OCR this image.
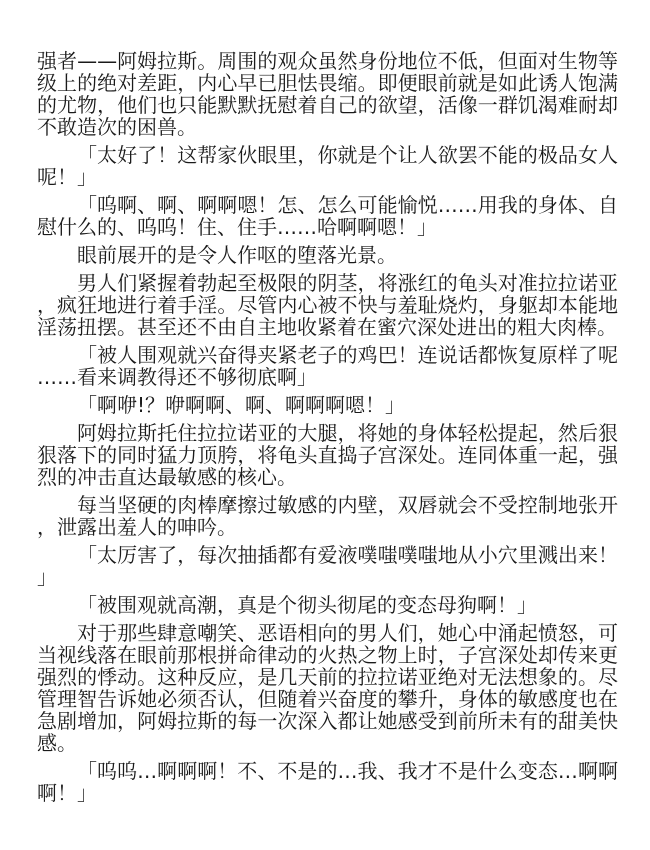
强者——阿姆拉斯。周围的观众虽然身份地位不低，但面对生物等级上的绝对差距，内心早已胆怯畏缩。即便眼前就是如此诱人饱满的尤物，他们也只能默默抚慰着自己的欲望，活像一群饥渴难耐却不敢造次的困兽。

「太好了！这帮家伙眼里，你就是个让人欲罢不能的极品女人呢！」

「呜啊、啊、啊啊嗯！怎、怎么可能愉悦……用我的身体、自慰什么的、呜呜！住、住手……哈啊啊嗯！」

眼前展开的是令人作呕的堕落光景。

男人们紧握着勃起至极限的阴茎，将涨红的龟头对准拉拉诺亚，疯狂地进行着手淫。尽管内心被不快与羞耻烧灼，身躯却本能地淫荡扭摆。甚至还不由自主地收紧着在蜜穴深处进出的粗大肉棒。

「被人围观就兴奋得夹紧老子的鸡巴！连说话都恢复原样了呢……看来调教得还不够彻底啊」

「啊咿!？咿啊啊、啊、啊啊啊嗯！」

阿姆拉斯托住拉拉诺亚的大腿，将她的身体轻松提起，然后狠狠落下的同时猛力顶胯，将龟头直捣子宫深处。连同体重一起，强烈的冲击直达最敏感的核心。

每当坚硬的肉棒摩擦过敏感的内壁，双唇就会不受控制地张开，泄露出羞人的呻吟。

「太厉害了，每次抽插都有爱液噗嗤噗嗤地从小穴里溅出来！」

「被围观就高潮，真是个彻头彻尾的变态母狗啊！」

对于那些肆意嘲笑、恶语相向的男人们，她心中涌起愤怒，可当视线落在眼前那根拼命律动的火热之物上时，子宫深处却传来更强烈的悸动。这种反应，是几天前的拉拉诺亚绝对无法想象的。尽管理智告诉她必须否认，但随着兴奋度的攀升，身体的敏感度也在急剧增加，阿姆拉斯的每一次深入都让她感受到前所未有的甜美快感。

「呜呜…啊啊啊！不、不是的…我、我才不是什么变态…啊啊啊！」
